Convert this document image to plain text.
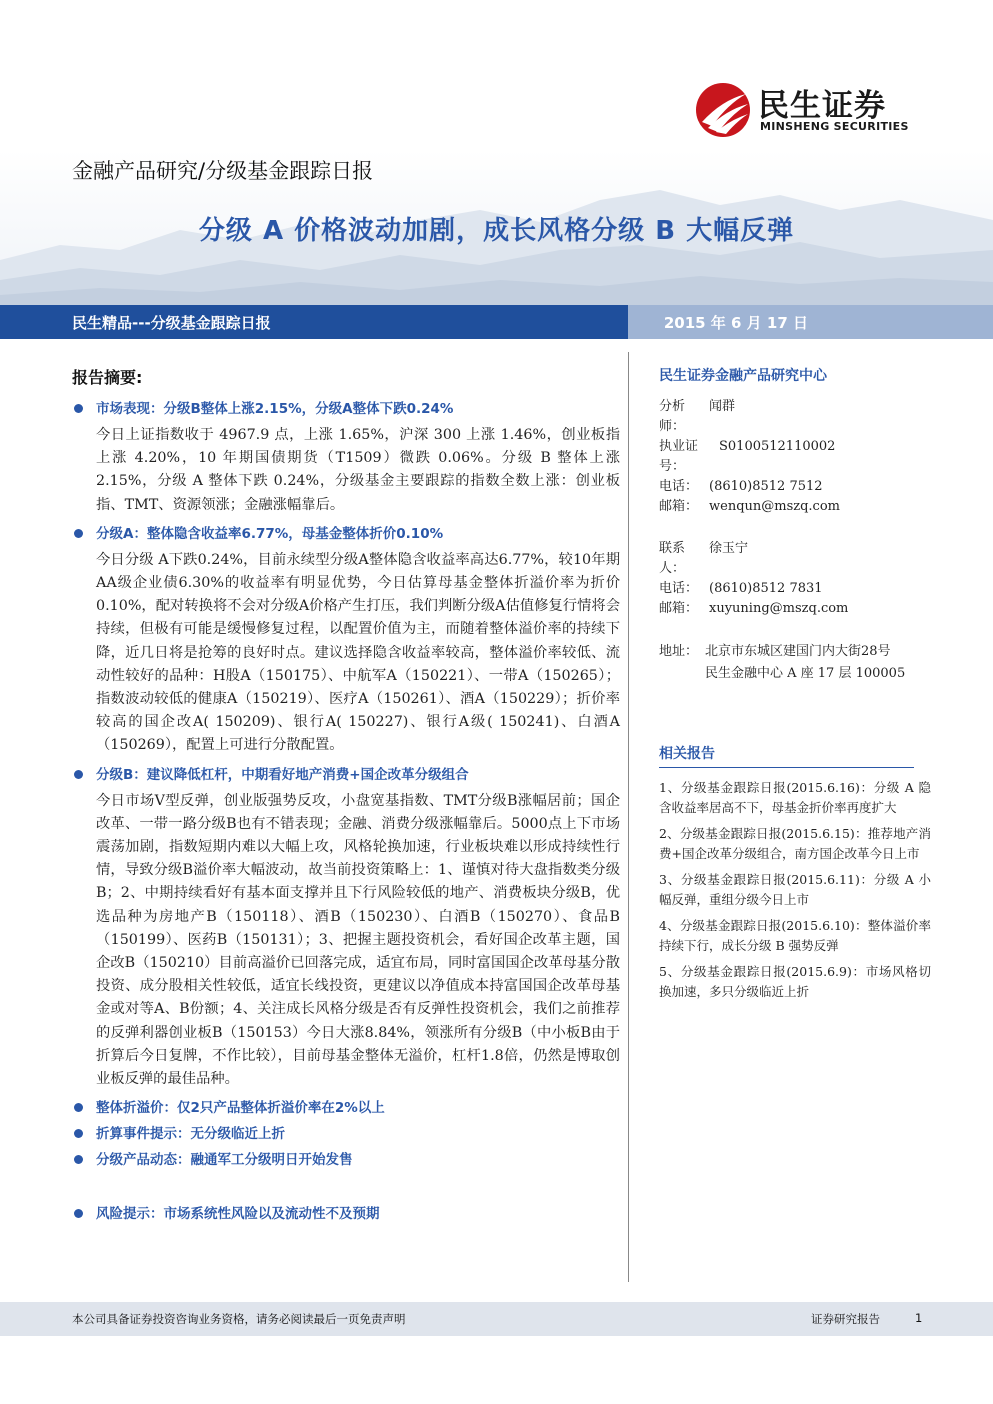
民生证券
MINSHENG SECURITIES
金融产品研究/分级基金跟踪日报
分级 A 价格波动加剧，成长风格分级 B 大幅反弹
民生精品---分级基金跟踪日报	2015 年 6 月 17 日
报告摘要:
市场表现：分级B整体上涨2.15%，分级A整体下跌0.24%
今日上证指数收于 4967.9 点，上涨 1.65%，沪深 300 上涨 1.46%，创业板指上涨 4.20%，10 年期国债期货（T1509）微跌 0.06%。分级 B 整体上涨 2.15%，分级 A 整体下跌 0.24%，分级基金主要跟踪的指数全数上涨：创业板指、TMT、资源领涨；金融涨幅靠后。
分级A：整体隐含收益率6.77%，母基金整体折价0.10%
今日分级 A下跌0.24%，目前永续型分级A整体隐含收益率高达6.77%，较10年期AA级企业债6.30%的收益率有明显优势，今日估算母基金整体折溢价率为折价0.10%，配对转换将不会对分级A价格产生打压，我们判断分级A估值修复行情将会持续，但极有可能是缓慢修复过程，以配置价值为主，而随着整体溢价率的持续下降，近几日将是抢筹的良好时点。建议选择隐含收益率较高，整体溢价率较低、流动性较好的品种：H股A（150175）、中航军A（150221）、一带A（150265）；指数波动较低的健康A（150219）、医疗A（150261）、酒A（150229）；折价率较高的国企改A( 150209)、银行A( 150227)、银行A级( 150241)、白酒A（150269），配置上可进行分散配置。
分级B：建议降低杠杆，中期看好地产消费+国企改革分级组合
今日市场V型反弹，创业版强势反攻，小盘宽基指数、TMT分级B涨幅居前；国企改革、一带一路分级B也有不错表现；金融、消费分级涨幅靠后。5000点上下市场震荡加剧，指数短期内难以大幅上攻，风格轮换加速，行业板块难以形成持续性行情，导致分级B溢价率大幅波动，故当前投资策略上：1、谨慎对待大盘指数类分级B；2、中期持续看好有基本面支撑并且下行风险较低的地产、消费板块分级B，优选品种为房地产B（150118）、酒B（150230）、白酒B（150270）、食品B（150199）、医药B（150131）；3、把握主题投资机会，看好国企改革主题，国企改B（150210）目前高溢价已回落完成，适宜布局，同时富国国企改革母基分散投资、成分股相关性较低，适宜长线投资，更建议以净值成本持富国国企改革母基金或对等A、B份额；4、关注成长风格分级是否有反弹性投资机会，我们之前推荐的反弹利器创业板B（150153）今日大涨8.84%，领涨所有分级B（中小板B由于折算后今日复牌，不作比较），目前母基金整体无溢价，杠杆1.8倍，仍然是博取创业板反弹的最佳品种。
整体折溢价：仅2只产品整体折溢价率在2%以上
折算事件提示：无分级临近上折
分级产品动态：融通军工分级明日开始发售
风险提示：市场系统性风险以及流动性不及预期
民生证券金融产品研究中心
分析师：
闻群
执业证号：
S0100512110002
电话： (8610)8512 7512
邮箱： wenqun@mszq.com
联系人：
徐玉宁
电话： (8610)8512 7831
邮箱： xuyuning@mszq.com
地址： 北京市东城区建国门内大街28号
民生金融中心 A 座 17 层 100005
相关报告
1、分级基金跟踪日报(2015.6.16)：分级 A 隐含收益率居高不下，母基金折价率再度扩大
2、分级基金跟踪日报(2015.6.15)：推荐地产消费+国企改革分级组合，南方国企改革今日上市
3、分级基金跟踪日报(2015.6.11)：分级 A 小幅反弹，重组分级今日上市
4、分级基金跟踪日报(2015.6.10)：整体溢价率持续下行，成长分级 B 强势反弹
5、分级基金跟踪日报(2015.6.9)：市场风格切换加速，多只分级临近上折
本公司具备证券投资咨询业务资格，请务必阅读最后一页免责声明	证券研究报告	1
